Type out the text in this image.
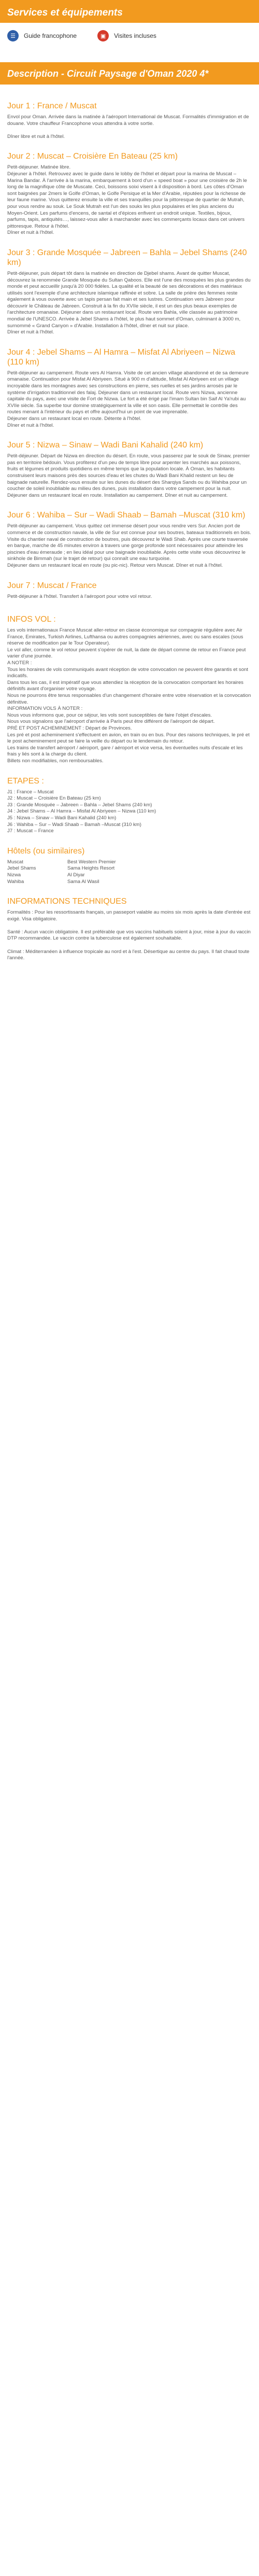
Services et équipements
☰	Guide francophone	▣	Visites incluses
Description - Circuit Paysage d'Oman 2020 4*
Jour 1 : France / Muscat

Envol pour Oman. Arrivée dans la matinée à l'aéroport International de Muscat. Formalités d'immigration et de douane. Votre chauffeur Francophone vous attendra à votre sortie.

Dîner libre et nuit à l'hôtel.

Jour 2 : Muscat – Croisière En Bateau (25 km)

Petit-déjeuner. Matinée libre.
Déjeuner à l'hôtel. Retrouvez avec le guide dans le lobby de l'hôtel et départ pour la marina de Muscat – Marina Bandar. À l'arrivée à la marina, embarquement à bord d'un « speed boat » pour une croisière de 2h le long de la magnifique côte de Muscate. Ceci, boissons soixi visent à il disposition à bord. Les côtes d'Oman sont baignées par 2mers le Golfe d'Oman, le Golfe Persique et la Mer d'Arabie, réputées pour la richesse de leur faune marine. Vous quitterez ensuite la ville et ses tranquilles pour la pittoresque de quartier de Mutrah, pour vous rendre au souk. Le Souk Mutrah est l'un des souks les plus populaires et les plus anciens du Moyen-Orient. Les parfums d'encens, de santal et d'épices enfivent un endroit unique. Textiles, bijoux, parfums, tapis, antiquités…, laissez-vous aller à marchander avec les commerçants locaux dans cet univers pittoresque. Retour à l'hôtel.
Dîner et nuit à l'hôtel.

Jour 3 : Grande Mosquée – Jabreen – Bahla – Jebel Shams (240 km)

Petit-déjeuner, puis départ tôt dans la matinée en direction de Djebel shams. Avant de quitter Muscat, découvrez la renommée Grande Mosquée du Sultan Qaboos. Elle est l'une des mosquées les plus grandes du monde et peut accueillir jusqu'à 20 000 fidèles. La qualité et la beauté de ses décorations et des matériaux utilisés sont l'exemple d'une architecture islamique raffinée et sobre. La salle de prière des femmes reste également à vous ouverte avec un tapis persan fait main et ses lustres. Continuation vers Jabreen pour découvrir le Château de Jabreen. Construit à la fin du XVIIe siècle, il est un des plus beaux exemples de l'architecture omanaise. Déjeuner dans un restaurant local. Route vers Bahla, ville classée au patrimoine mondial de l'UNESCO. Arrivée à Jebel Shams à l'hôtel, le plus haut sommet d'Oman, culminant à 3000 m, surnommé « Grand Canyon » d'Arabie. Installation à l'hôtel, dîner et nuit sur place.
Dîner et nuit à l'hôtel.

Jour 4 : Jebel Shams – Al Hamra – Misfat Al Abriyeen – Nizwa (110 km)

Petit-déjeuner au campement. Route vers Al Hamra. Visite de cet ancien village abandonné et de sa demeure omanaise. Continuation pour Misfat Al Abriyeen. Situé à 900 m d'altitude, Misfat Al Abriyeen est un village incroyable dans les montagnes avec ses constructions en pierre, ses ruelles et ses jardins arrosés par le système d'irrigation traditionnel des falaj. Déjeuner dans un restaurant local. Route vers Nizwa, ancienne capitale du pays, avec une visite de Fort de Nizwa. Le fort a été érigé par l'imam Sultan bin Saif Al Ya'rubi au XVIIe siècle. Sa superbe tour domine stratégiquement la ville et son oasis. Elle permettait le contrôle des routes menant à l'intérieur du pays et offre aujourd'hui un point de vue imprenable.
Déjeuner dans un restaurant local en route. Détente à l'hôtel.
Dîner et nuit à l'hôtel.

Jour 5 : Nizwa – Sinaw – Wadi Bani Kahalid (240 km)

Petit-déjeuner. Départ de Nizwa en direction du désert. En route, vous passerez par le souk de Sinaw, premier pas en territoire bédouin. Vous profiterez d'un peu de temps libre pour arpenter les marchés aux poissons, fruits et légumes et produits quotidiens en même temps que la population locale. À Oman, les habitants construisent leurs maisons près des sources d'eau et les chutes du Wadi Bani Khalid restent un lieu de baignade naturelle. Rendez-vous ensuite sur les dunes du désert des Sharqiya Sands ou du Wahiba pour un coucher de soleil inoubliable au milieu des dunes, puis installation dans votre campement pour la nuit.
Déjeuner dans un restaurant local en route. Installation au campement. Dîner et nuit au campement.

Jour 6 : Wahiba – Sur – Wadi Shaab – Bamah –Muscat (310 km)

Petit-déjeuner au campement. Vous quittez cet immense désert pour vous rendre vers Sur. Ancien port de commerce et de construction navale, la ville de Sur est connue pour ses boutres, bateaux traditionnels en bois. Visite du chantier naval de construction de boutres, puis découvrez le Wadi Shab. Après une courte traversée en barque, marche de 45 minutes environ à travers une gorge profonde sont nécessaires pour atteindre les piscines d'eau émeraude ; en lieu idéal pour une baignade inoubliable. Après cette visite vous découvrirez le sinkhole de Bimmah (sur le trajet de retour) qui connaît une eau turquoise.
Déjeuner dans un restaurant local en route (ou pic-nic). Retour vers Muscat. Dîner et nuit à l'hôtel.

Jour 7 : Muscat / France

Petit-déjeuner à l'hôtel. Transfert à l'aéroport pour votre vol retour.

INFOS VOL :

Les vols internationaux France Muscat aller-retour en classe économique sur compagnie régulière avec Air France, Emirates, Turkish Airlines, Lufthansa ou autres compagnies aériennes, avec ou sans escales (sous réserve de modification par le Tour Operateur).
Le vol aller, comme le vol retour peuvent s'opérer de nuit, la date de départ comme de retour en France peut varier d'une journée.
A NOTER :
Tous les horaires de vols communiqués avant réception de votre convocation ne peuvent être garantis et sont indicatifs.
Dans tous les cas, il est impératif que vous attendiez la réception de la convocation comportant les horaires définitifs avant d'organiser votre voyage.
Nous ne pourrons être tenus responsables d'un changement d'horaire entre votre réservation et la convocation définitive.
INFORMATION VOLS À NOTER :
Nous vous informons que, pour ce séjour, les vols sont susceptibles de faire l'objet d'escales.
Nous vous signalons que l'aéroport d'arrivée à Paris peut être différent de l'aéroport de départ.
PRÉ ET POST ACHEMINEMENT : Départ de Provinces.
Les pré et post acheminement s'effectuent en avion, en train ou en bus. Pour des raisons techniques, le pré et le post acheminement peut se faire la veille du départ ou le lendemain du retour.
Les trains de transfert aéroport / aéroport, gare / aéroport et vice versa, les éventuelles nuits d'escale et les frais y liés sont à la charge du client.
Billets non modifiables, non remboursables.

ETAPES :
J1 : France – Muscat
J2 : Muscat – Croisière En Bateau (25 km)
J3 : Grande Mosquée – Jabreen – Bahla – Jebel Shams (240 km)
J4 : Jebel Shams – Al Hamra – Misfat Al Abriyeen – Nizwa (110 km)
J5 : Nizwa – Sinaw – Wadi Bani Kahalid (240 km)
J6 : Wahiba – Sur – Wadi Shaab – Bamah –Muscat (310 km)
J7 : Muscat – France
Hôtels (ou similaires)
Muscat	Best Western Premier
Jebel Shams	Sama Heights Resort
Nizwa	Al Diyar
Wahiba	Sama Al Wasil
INFORMATIONS TECHNIQUES

Formalités : Pour les ressortissants français, un passeport valable au moins six mois après la date d'entrée est exigé. Visa obligatoire.

Santé : Aucun vaccin obligatoire. Il est préférable que vos vaccins habituels soient à jour, mise à jour du vaccin DTP recommandée. Le vaccin contre la tuberculose est également souhaitable.

Climat : Méditerranéen à influence tropicale au nord et à l'est. Désertique au centre du pays. Il fait chaud toute l'année.
